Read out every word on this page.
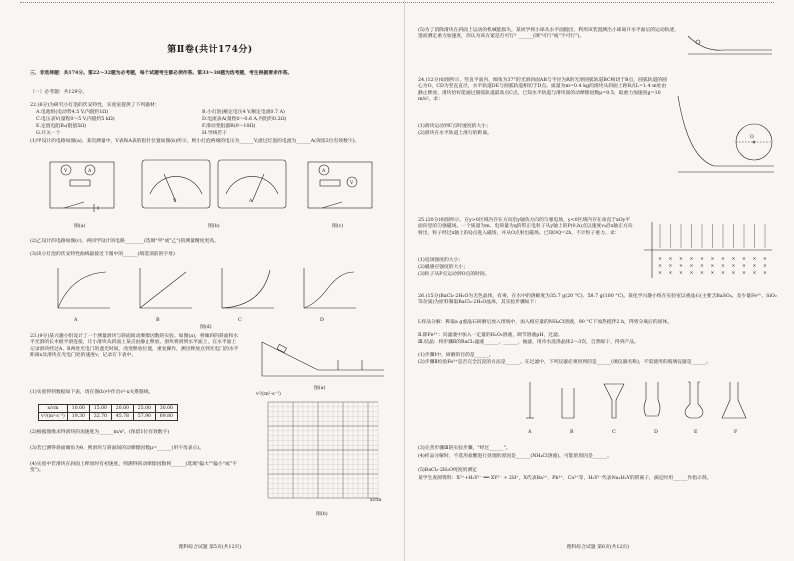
第Ⅱ卷(共计174分)
三、非选择题：共174分。第22～32题为必考题，每个试题考生都必须作答。第33～38题为选考题，考生根据要求作答。
（一）必考题：共129分。
22.(6分)为研究小灯泡的伏安特性，实验室提供了下列器材：
A.电池组(电动势4.5 V,内阻约1Ω)	B.小灯泡(额定电压4 V,额定电流0.7 A)
C.电压表V(量程0～5 V,内阻约5 kΩ)	D.电流表A(量程0～0.6 A,内阻约0.2Ω)
E.定值电阻R₀(阻值5Ω)	F.滑动变阻器R(0～10Ω)
G.开关一个	H.导线若干
(1)甲设计的电路如图(a)，某次测量中，V表和A表的指针位置如图(b)所示，则小灯泡两端的电压为______V,流过灯泡的电流为______A(保留2位有效数字)。
V	A
图(a)
V	A
图(b)
A
V
图(c)
(2)乙设计的电路如图(c)，两同学设计的电路________(选填"甲"或"乙")的测量精度更高。
(3)该小灯泡的伏安特性曲线最接近下图中的______(填选项前的字母)
A	B	C	D
图(d)
23.(9分)某兴趣小组设计了一个测量滑块与斜面间动摩擦因数的实验。如图(a)，将倾斜的斜面和水平光滑的长木板平滑连接，让小滑块从斜面上某点由静止释放，滑块将滑到水平面上，在水平面上记录滑块经过A、B两处光电门的遮光时间，改变释放位置，重复操作，测出释放点到光电门的水平距离x及滑块在光电门处的速度v，记录在下表中。
图(a)
(1)实验得到数据如下表，请在图(b)中作出v²-x关系图线。
x/cm	10.00	15.00	20.00	25.00	30.00
v²/(m²·s⁻²)	19.30	32.70	45.78	57.90	69.80
(2)根据图像求得滑块的加速度为______m/s²。(保留1位有效数字)
(3)若已测得斜面倾角为θ，则滑块与斜面间的动摩擦因数μ=______(用字母表示)。
(4)实验中若滑块在斜面上释放时有初速度，则测得的动摩擦因数将______(选填"偏大""偏小"或"不变")。
v²/(m²·s⁻²)
x/cm
图(b)
理科综合试题 第5页(共12页)
(5)为了消除滑块在斜面上运动的机械能损失，某同学将小球从水平面抛出，利用该装置测出小球离开水平面后的运动轨迹，进而测定重力加速度，你认为该方案是否可行？______(填"可行"或"不可行")。
24.(12分)如图所示，竖直平面内，倾角为37°的光滑斜面AB与半径为R的光滑圆弧轨道BC相切于B点，圆弧轨道的圆心为O，CD为竖直直径，水平轨道DE与圆弧轨道相切于D点。质量为m=0.4 kg的滑块从斜面上距B点L=1.4 m处由静止释放，滑块恰好能通过圆弧轨道最高点C点，已知水平轨道与滑块间的动摩擦因数μ=0.5，取重力加速度g=10 m/s²。求：
(1)滑块运动到C点时速度的大小；
(2)滑块在水平轨道上滑行的距离。
O
25.(20分)如图所示，在y>0区域内存在方向沿y轴负方向的匀强电场，y<0区域内存在垂直于xOy平面向里的匀强磁场。一个质量为m、电荷量为q的带正电粒子从y轴上的P(0,h)点以速度v₀沿x轴正方向射出，粒子经过x轴上的Q点进入磁场，并从O点射出磁场。已知OQ=2h，不计粒子重力。求：
(1)电场强度的大小；
(2)磁感应强度的大小；
(3)粒子从P点运动到O点的时间。
× × × × × × × × × × ×
× × × × × × × × × × ×
× × × × × × × × × × ×
26.(15分)BaCl₂·2H₂O为无色晶体，有毒，在水中的溶解度为35.7 g(20 °C)、58.7 g(100 °C)。某化学兴趣小组在实验室以重晶石(主要含BaSO₄，及少量Fe³⁺、SiO₂等杂质)为原料制取BaCl₂·2H₂O晶体，其实验步骤如下：
Ⅰ.样品分解：称取a g重晶石研磨后放入坩埚中，加入相应量的NH₄Cl溶液，90 °C下加热搅拌2 h，得到分离后的固体。
Ⅱ.除Fe³⁺：向滤液中加入一定量的H₂O₂溶液，调节溶液pH，过滤。
Ⅲ.结晶：将步骤Ⅱ的BaCl₂滤液______，______，抽滤、用冷水洗涤晶体2～3次，自然晾干，得到产品。
(1)步骤Ⅰ中，研磨的目的是______。
(2)步骤Ⅱ检验Fe³⁺是否完全沉淀的方法是______。在过滤中，下列仪器必须用到的是______(填仪器名称)，不需使用的玻璃仪器是______。
A	B	C	D	E	F
(3)完善步骤Ⅲ的实验步骤，"经过______"。
(4)样品分解时，不选用盐酸进行处理的原因是______(NH₄Cl溶液)，可能的原因是______。
(5)BaCl₂·2H₂O纯度的测定
某学生查阅资料：X²⁺+H₂Y²⁻ ══ XY²⁻ + 2H⁺，X代表Ba²⁺、Pb²⁺、Ca²⁺等，H₂Y²⁻代表Na₂H₂Y的阴离子，滴定时用______作指示剂。
理科综合试题 第6页(共12页)
